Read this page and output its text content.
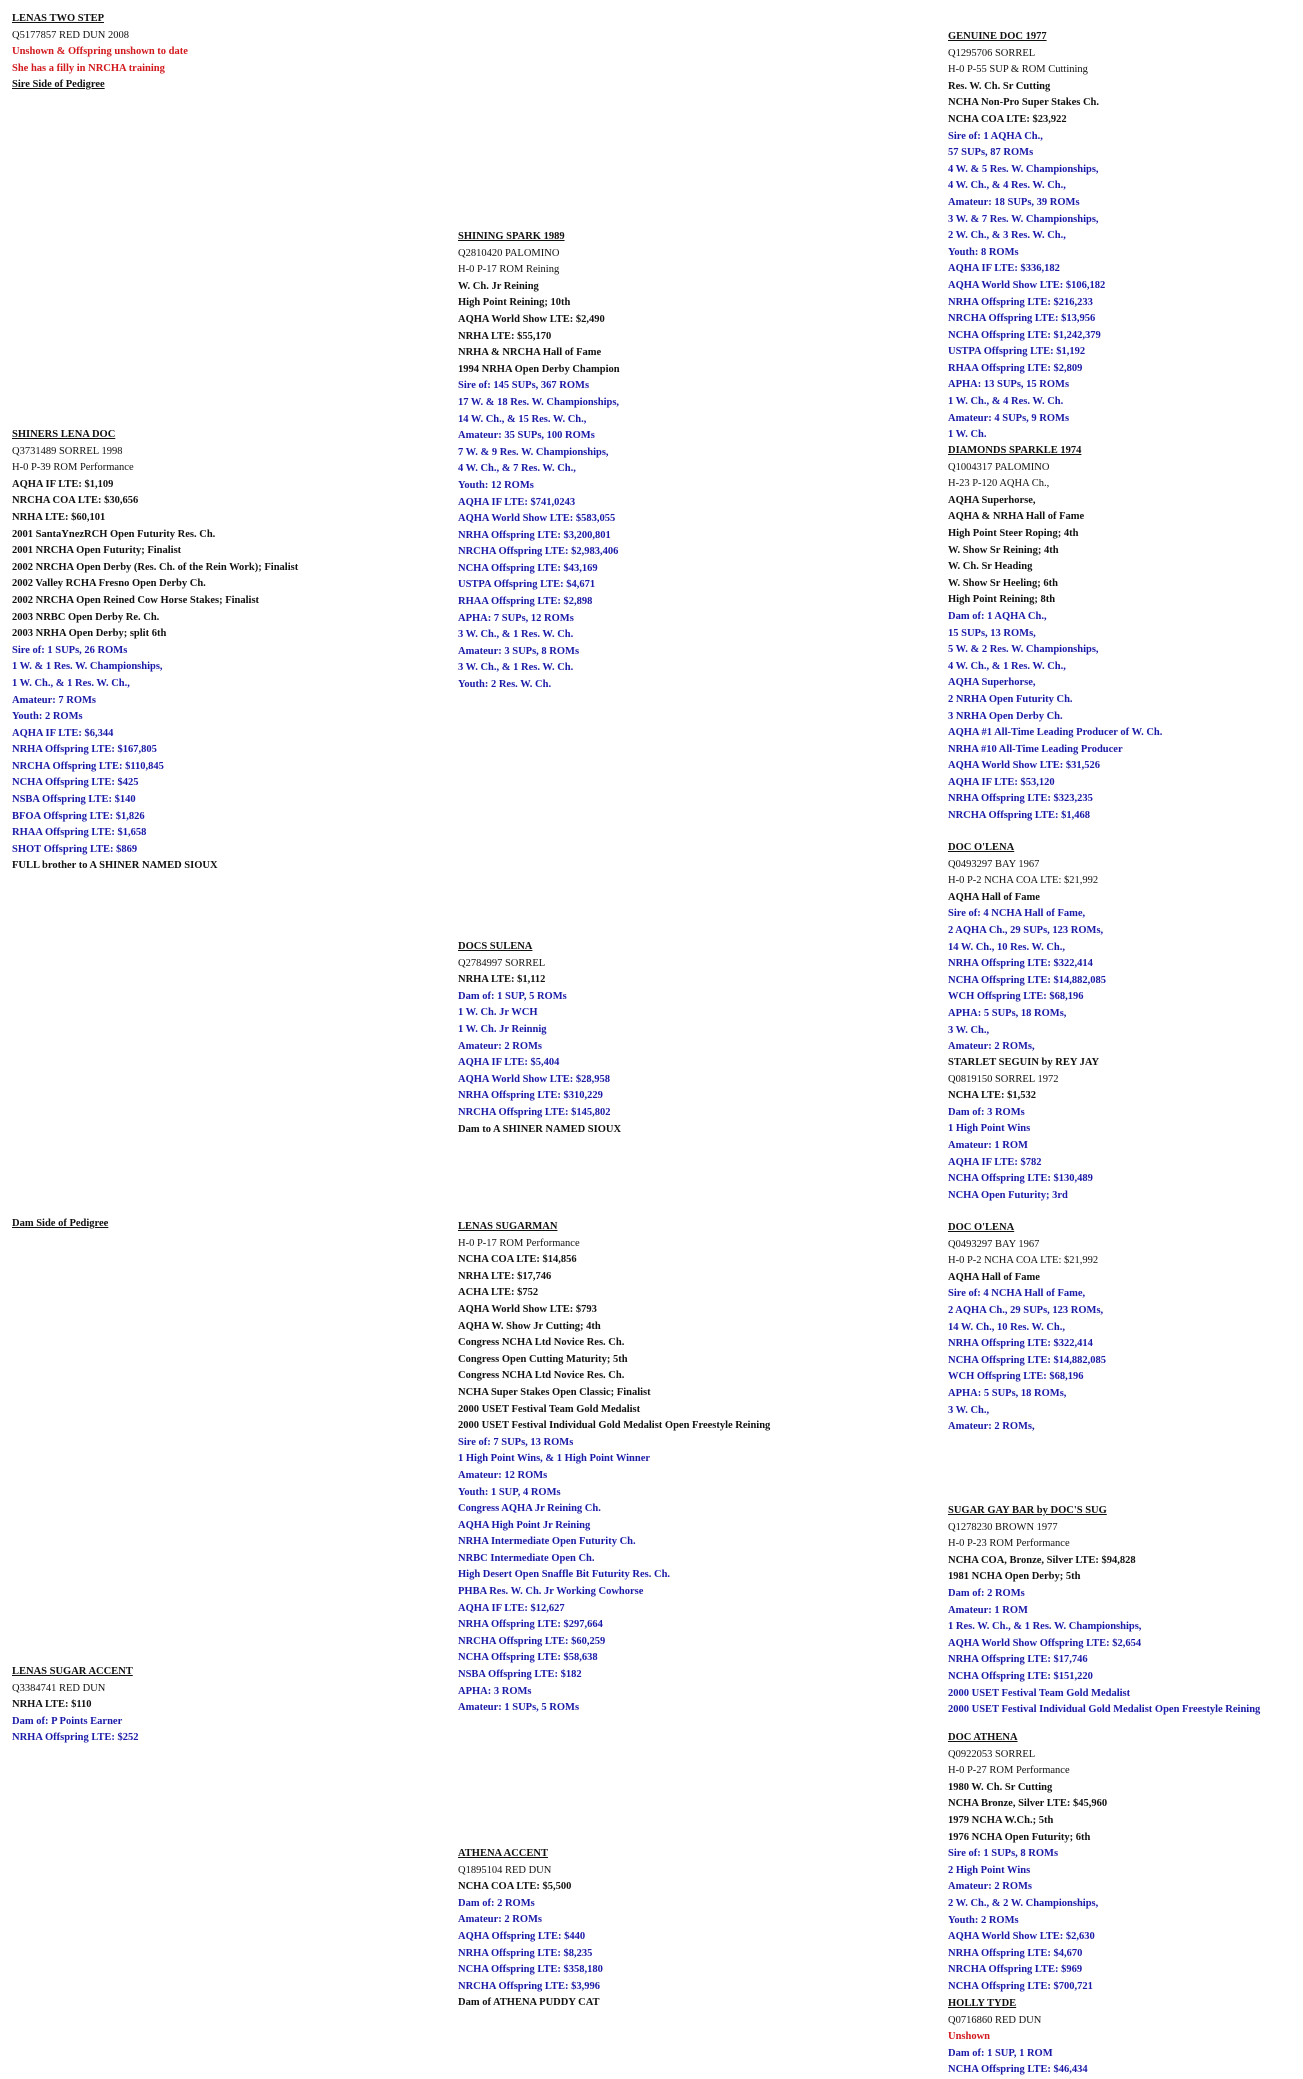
LENAS TWO STEP
Q5177857 RED DUN 2008
Unshown & Offspring unshown to date
She has a filly in NRCHA training
Sire Side of Pedigree
SHINERS LENA DOC
Q3731489 SORREL 1998
H-0 P-39 ROM Performance
AQHA IF LTE: $1,109
NRCHA COA LTE: $30,656
NRHA LTE: $60,101
2001 SantaYnezRCH Open Futurity Res. Ch.
2001 NRCHA Open Futurity; Finalist
2002 NRCHA Open Derby (Res. Ch. of the Rein Work); Finalist
2002 Valley RCHA Fresno Open Derby Ch.
2002 NRCHA Open Reined Cow Horse Stakes; Finalist
2003 NRBC Open Derby Re. Ch.
2003 NRHA Open Derby; split 6th
Sire of: 1 SUPs, 26 ROMs
1 W. & 1 Res. W. Championships,
1 W. Ch., & 1 Res. W. Ch.,
Amateur: 7 ROMs
Youth: 2 ROMs
AQHA IF LTE: $6,344
NRHA Offspring LTE: $167,805
NRCHA Offspring LTE: $110,845
NCHA Offspring LTE: $425
NSBA Offspring LTE: $140
BFOA Offspring LTE: $1,826
RHAA Offspring LTE: $1,658
SHOT Offspring LTE: $869
FULL brother to A SHINER NAMED SIOUX
Dam Side of Pedigree
LENAS SUGAR ACCENT
Q3384741 RED DUN
NRHA LTE: $110
Dam of: P Points Earner
NRHA Offspring LTE: $252
SHINING SPARK 1989
Q2810420 PALOMINO
H-0 P-17 ROM Reining
W. Ch. Jr Reining
High Point Reining; 10th
AQHA World Show LTE: $2,490
NRHA LTE: $55,170
NRHA & NRCHA Hall of Fame
1994 NRHA Open Derby Champion
Sire of: 145 SUPs, 367 ROMs
17 W. & 18 Res. W. Championships,
14 W. Ch., & 15 Res. W. Ch.,
Amateur: 35 SUPs, 100 ROMs
7 W. & 9 Res. W. Championships,
4 W. Ch., & 7 Res. W. Ch.,
Youth: 12 ROMs
AQHA IF LTE: $741,0243
AQHA World Show LTE: $583,055
NRHA Offspring LTE: $3,200,801
NRCHA Offspring LTE: $2,983,406
NCHA Offspring LTE: $43,169
USTPA Offspring LTE: $4,671
RHAA Offspring LTE: $2,898
APHA: 7 SUPs, 12 ROMs
3 W. Ch., & 1 Res. W. Ch.
Amateur: 3 SUPs, 8 ROMs
3 W. Ch., & 1 Res. W. Ch.
Youth: 2 Res. W. Ch.
DOCS SULENA
Q2784997 SORREL
NRHA LTE: $1,112
Dam of: 1 SUP, 5 ROMs
1 W. Ch. Jr WCH
1 W. Ch. Jr Reinnig
Amateur: 2 ROMs
AQHA IF LTE: $5,404
AQHA World Show LTE: $28,958
NRHA Offspring LTE: $310,229
NRCHA Offspring LTE: $145,802
Dam to A SHINER NAMED SIOUX
LENAS SUGARMAN
H-0 P-17 ROM Performance
NCHA COA LTE: $14,856
NRHA LTE: $17,746
ACHA LTE: $752
AQHA World Show LTE: $793
AQHA W. Show Jr Cutting; 4th
Congress NCHA Ltd Novice Res. Ch.
Congress Open Cutting Maturity; 5th
Congress NCHA Ltd Novice Res. Ch.
NCHA Super Stakes Open Classic; Finalist
2000 USET Festival Team Gold Medalist
2000 USET Festival Individual Gold Medalist Open Freestyle Reining
Sire of: 7 SUPs, 13 ROMs
1 High Point Wins, & 1 High Point Winner
Amateur: 12 ROMs
Youth: 1 SUP, 4 ROMs
Congress AQHA Jr Reining Ch.
AQHA High Point Jr Reining
NRHA Intermediate Open Futurity Ch.
NRBC Intermediate Open Ch.
High Desert Open Snaffle Bit Futurity Res. Ch.
PHBA Res. W. Ch. Jr Working Cowhorse
AQHA IF LTE: $12,627
NRHA Offspring LTE: $297,664
NRCHA Offspring LTE: $60,259
NCHA Offspring LTE: $58,638
NSBA Offspring LTE: $182
APHA: 3 ROMs
Amateur: 1 SUPs, 5 ROMs
ATHENA ACCENT
Q1895104 RED DUN
NCHA COA LTE: $5,500
Dam of: 2 ROMs
Amateur: 2 ROMs
AQHA Offspring LTE: $440
NRHA Offspring LTE: $8,235
NCHA Offspring LTE: $358,180
NRCHA Offspring LTE: $3,996
Dam of ATHENA PUDDY CAT
GENUINE DOC 1977
Q1295706 SORREL
H-0 P-55 SUP & ROM Cuttining
Res. W. Ch. Sr Cutting
NCHA Non-Pro Super Stakes Ch.
NCHA COA LTE: $23,922
Sire of: 1 AQHA Ch.,
57 SUPs, 87 ROMs
4 W. & 5 Res. W. Championships,
4 W. Ch., & 4 Res. W. Ch.,
Amateur: 18 SUPs, 39 ROMs
3 W. & 7 Res. W. Championships,
2 W. Ch., & 3 Res. W. Ch.,
Youth: 8 ROMs
AQHA IF LTE: $336,182
AQHA World Show LTE: $106,182
NRHA Offspring LTE: $216,233
NRCHA Offspring LTE: $13,956
NCHA Offspring LTE: $1,242,379
USTPA Offspring LTE: $1,192
RHAA Offspring LTE: $2,809
APHA: 13 SUPs, 15 ROMs
1 W. Ch., & 4 Res. W. Ch.
Amateur: 4 SUPs, 9 ROMs
1 W. Ch.
DIAMONDS SPARKLE 1974
Q1004317 PALOMINO
H-23 P-120 AQHA Ch.,
AQHA Superhorse,
AQHA & NRHA Hall of Fame
High Point Steer Roping; 4th
W. Show Sr Reining; 4th
W. Ch. Sr Heading
W. Show Sr Heeling; 6th
High Point Reining; 8th
Dam of: 1 AQHA Ch.,
15 SUPs, 13 ROMs,
5 W. & 2 Res. W. Championships,
4 W. Ch., & 1 Res. W. Ch.,
AQHA Superhorse,
2 NRHA Open Futurity Ch.
3 NRHA Open Derby Ch.
AQHA #1 All-Time Leading Producer of W. Ch.
NRHA #10 All-Time Leading Producer
AQHA World Show LTE: $31,526
AQHA IF LTE: $53,120
NRHA Offspring LTE: $323,235
NRCHA Offspring LTE: $1,468
DOC O'LENA
Q0493297 BAY 1967
H-0 P-2 NCHA COA LTE: $21,992
AQHA Hall of Fame
Sire of: 4 NCHA Hall of Fame,
2 AQHA Ch., 29 SUPs, 123 ROMs,
14 W. Ch., 10 Res. W. Ch.,
NRHA Offspring LTE: $322,414
NCHA Offspring LTE: $14,882,085
WCH Offspring LTE: $68,196
APHA: 5 SUPs, 18 ROMs,
3 W. Ch.,
Amateur: 2 ROMs,
STARLET SEGUIN by REY JAY
Q0819150 SORREL 1972
NCHA LTE: $1,532
Dam of: 3 ROMs
1 High Point Wins
Amateur: 1 ROM
AQHA IF LTE: $782
NCHA Offspring LTE: $130,489
NCHA Open Futurity; 3rd
DOC O'LENA
Q0493297 BAY 1967
H-0 P-2 NCHA COA LTE: $21,992
AQHA Hall of Fame
Sire of: 4 NCHA Hall of Fame,
2 AQHA Ch., 29 SUPs, 123 ROMs,
14 W. Ch., 10 Res. W. Ch.,
NRHA Offspring LTE: $322,414
NCHA Offspring LTE: $14,882,085
WCH Offspring LTE: $68,196
APHA: 5 SUPs, 18 ROMs,
3 W. Ch.,
Amateur: 2 ROMs,
SUGAR GAY BAR by DOC'S SUG
Q1278230 BROWN 1977
H-0 P-23 ROM Performance
NCHA COA, Bronze, Silver LTE: $94,828
1981 NCHA Open Derby; 5th
Dam of: 2 ROMs
Amateur: 1 ROM
1 Res. W. Ch., & 1 Res. W. Championships,
AQHA World Show Offspring LTE: $2,654
NRHA Offspring LTE: $17,746
NCHA Offspring LTE: $151,220
2000 USET Festival Team Gold Medalist
2000 USET Festival Individual Gold Medalist Open Freestyle Reining
DOC ATHENA
Q0922053 SORREL
H-0 P-27 ROM Performance
1980 W. Ch. Sr Cutting
NCHA Bronze, Silver LTE: $45,960
1979 NCHA W.Ch.; 5th
1976 NCHA Open Futurity; 6th
Sire of: 1 SUPs, 8 ROMs
2 High Point Wins
Amateur: 2 ROMs
2 W. Ch., & 2 W. Championships,
Youth: 2 ROMs
AQHA World Show LTE: $2,630
NRHA Offspring LTE: $4,670
NRCHA Offspring LTE: $969
NCHA Offspring LTE: $700,721
HOLLY TYDE
Q0716860 RED DUN
Unshown
Dam of: 1 SUP, 1 ROM
NCHA Offspring LTE: $46,434
